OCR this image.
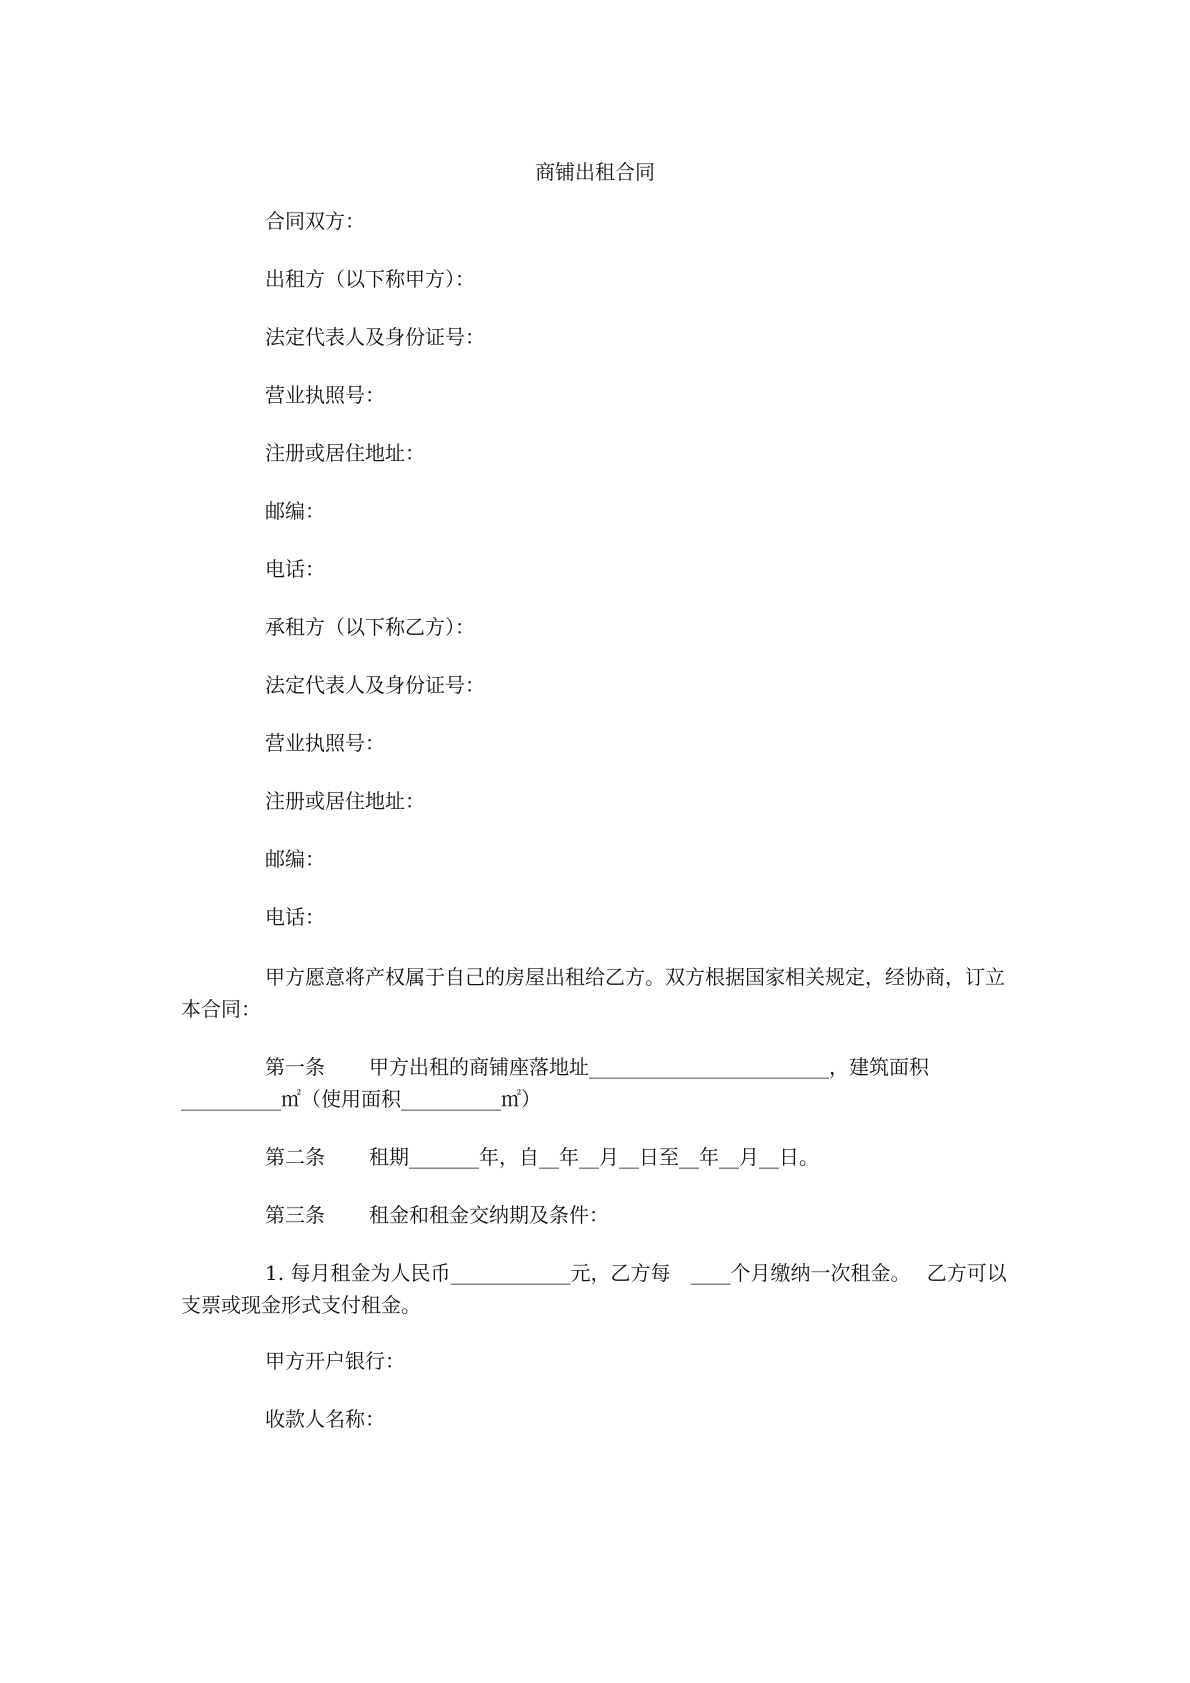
商铺出租合同
合同双方：
出租方（以下称甲方）：
法定代表人及身份证号：
营业执照号：
注册或居住地址：
邮编：
电话：
承租方（以下称乙方）：
法定代表人及身份证号：
营业执照号：
注册或居住地址：
邮编：
电话：
甲方愿意将产权属于自己的房屋出租给乙方。双方根据国家相关规定，经协商，订立本合同：
第一条 甲方出租的商铺座落地址________________________，建筑面积__________㎡（使用面积__________㎡）
第二条 租期_______年，自__年__月__日至__年__月__日。
第三条 租金和租金交纳期及条件：
1. 每月租金为人民币____________元，乙方每　____个月缴纳一次租金。　 乙方可以支票或现金形式支付租金。
甲方开户银行：
收款人名称：
